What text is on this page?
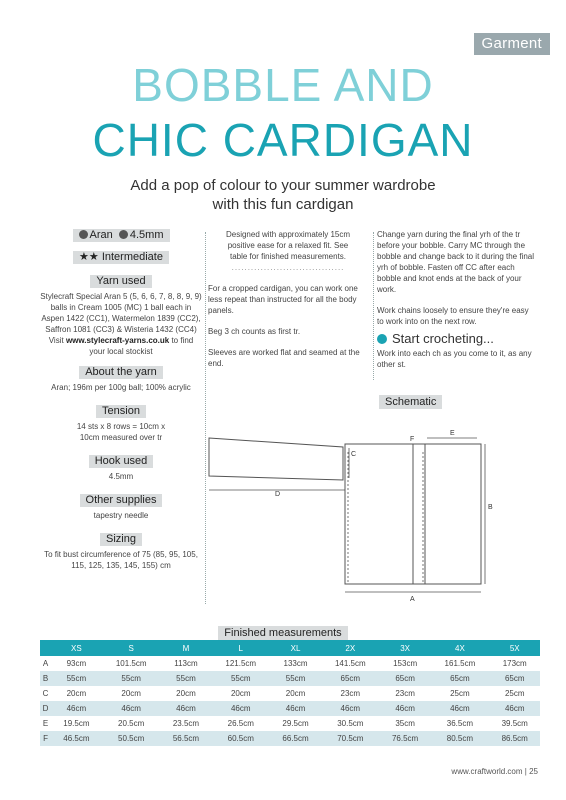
Garment
BOBBLE AND
CHIC CARDIGAN
Add a pop of colour to your summer wardrobe
with this fun cardigan
Aran 4.5mm
★★ Intermediate
Yarn used
Stylecraft Special Aran 5 (5, 6, 6, 7, 8, 8, 9, 9) balls in Cream 1005 (MC) 1 ball each in Aspen 1422 (CC1), Watermelon 1839 (CC2), Saffron 1081 (CC3) & Wisteria 1432 (CC4)
Visit www.stylecraft-yarns.co.uk to find your local stockist
About the yarn
Aran; 196m per 100g ball; 100% acrylic
Tension
14 sts x 8 rows = 10cm x 10cm measured over tr
Hook used
4.5mm
Other supplies
tapestry needle
Sizing
To fit bust circumference of 75 (85, 95, 105, 115, 125, 135, 145, 155) cm
Designed with approximately 15cm positive ease for a relaxed fit. See table for finished measurements.
...................................
For a cropped cardigan, you can work one less repeat than instructed for all the body panels.
Beg 3 ch counts as first tr.
Sleeves are worked flat and seamed at the end.
Change yarn during the final yrh of the tr before your bobble. Carry MC through the bobble and change back to it during the final yrh of bobble. Fasten off CC after each bobble and knot ends at the back of your work.
Work chains loosely to ensure they're easy to work into on the next row.
Start crocheting...
Work into each ch as you come to it, as any other st.
Schematic
C
D
E
F
B
A
Finished measurements
	XS	S	M	L	XL	2X	3X	4X	5X
A	93cm	101.5cm	113cm	121.5cm	133cm	141.5cm	153cm	161.5cm	173cm
B	55cm	55cm	55cm	55cm	55cm	65cm	65cm	65cm	65cm
C	20cm	20cm	20cm	20cm	20cm	23cm	23cm	25cm	25cm
D	46cm	46cm	46cm	46cm	46cm	46cm	46cm	46cm	46cm
E	19.5cm	20.5cm	23.5cm	26.5cm	29.5cm	30.5cm	35cm	36.5cm	39.5cm
F	46.5cm	50.5cm	56.5cm	60.5cm	66.5cm	70.5cm	76.5cm	80.5cm	86.5cm
www.craftworld.com | 25
